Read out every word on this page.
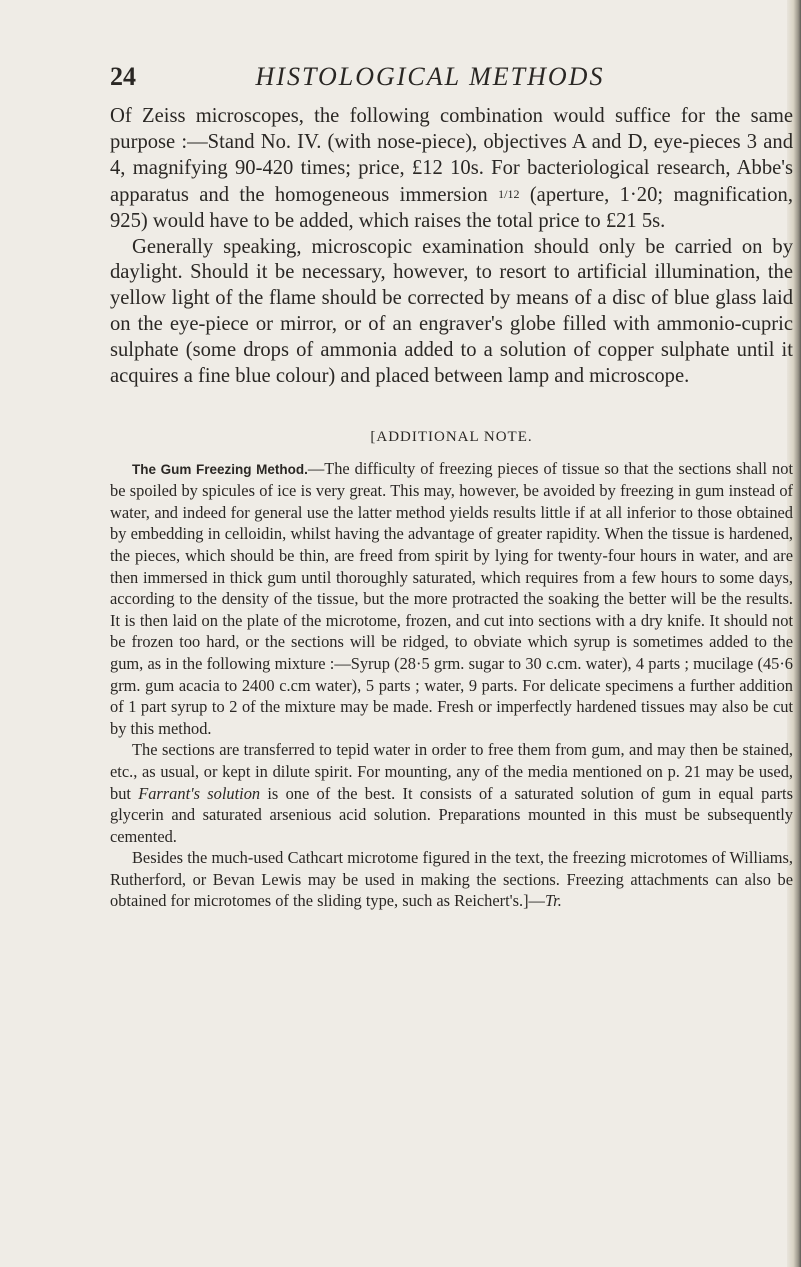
24	HISTOLOGICAL METHODS

Of Zeiss microscopes, the following combination would suffice for the same purpose :—Stand No. IV. (with nose-piece), objectives A and D, eye-pieces 3 and 4, magnifying 90-420 times; price, £12 10s. For bacteriological research, Abbe's apparatus and the homogeneous immersion 1/12 (aperture, 1·20; magnification, 925) would have to be added, which raises the total price to £21 5s.

Generally speaking, microscopic examination should only be carried on by daylight. Should it be necessary, however, to resort to artificial illumination, the yellow light of the flame should be corrected by means of a disc of blue glass laid on the eye-piece or mirror, or of an engraver's globe filled with ammonio-cupric sulphate (some drops of ammonia added to a solution of copper sulphate until it acquires a fine blue colour) and placed between lamp and microscope.

[ADDITIONAL NOTE.

The Gum Freezing Method.—The difficulty of freezing pieces of tissue so that the sections shall not be spoiled by spicules of ice is very great. This may, however, be avoided by freezing in gum instead of water, and indeed for general use the latter method yields results little if at all inferior to those obtained by embedding in celloidin, whilst having the advantage of greater rapidity. When the tissue is hardened, the pieces, which should be thin, are freed from spirit by lying for twenty-four hours in water, and are then immersed in thick gum until thoroughly saturated, which requires from a few hours to some days, according to the density of the tissue, but the more protracted the soaking the better will be the results. It is then laid on the plate of the microtome, frozen, and cut into sections with a dry knife. It should not be frozen too hard, or the sections will be ridged, to obviate which syrup is sometimes added to the gum, as in the following mixture :—Syrup (28·5 grm. sugar to 30 c.cm. water), 4 parts ; mucilage (45·6 grm. gum acacia to 2400 c.cm water), 5 parts ; water, 9 parts. For delicate specimens a further addition of 1 part syrup to 2 of the mixture may be made. Fresh or imperfectly hardened tissues may also be cut by this method.

The sections are transferred to tepid water in order to free them from gum, and may then be stained, etc., as usual, or kept in dilute spirit. For mounting, any of the media mentioned on p. 21 may be used, but Farrant's solution is one of the best. It consists of a saturated solution of gum in equal parts glycerin and saturated arsenious acid solution. Preparations mounted in this must be subsequently cemented.

Besides the much-used Cathcart microtome figured in the text, the freezing microtomes of Williams, Rutherford, or Bevan Lewis may be used in making the sections. Freezing attachments can also be obtained for microtomes of the sliding type, such as Reichert's.]—Tr.
